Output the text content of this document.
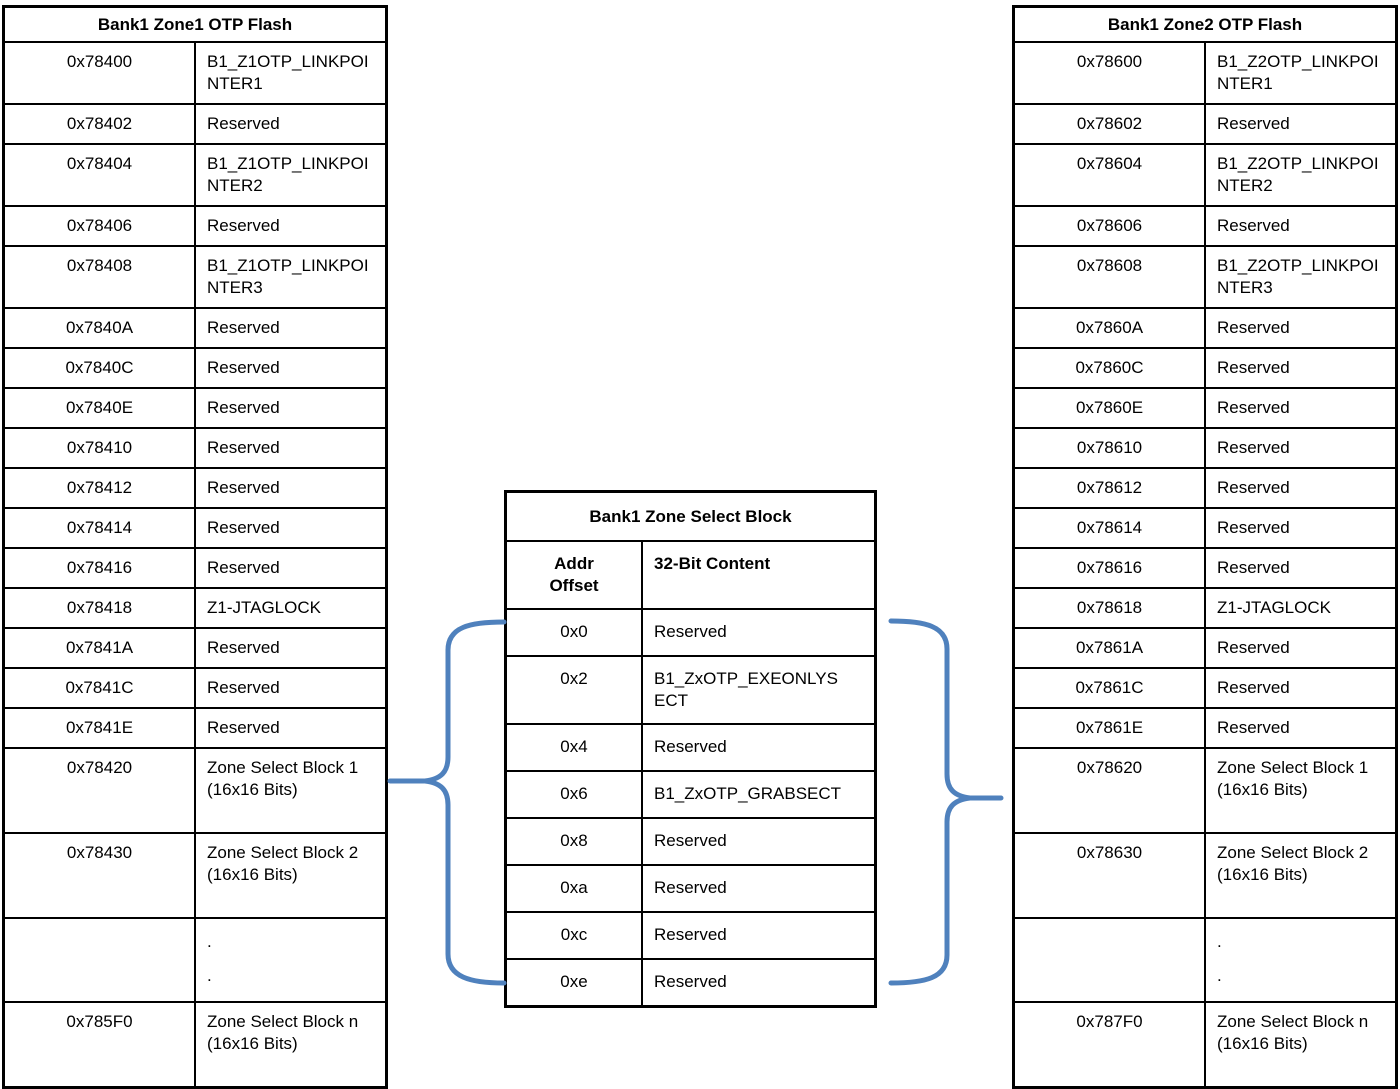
Bank1 Zone1 OTP Flash
0x78400	B1_Z1OTP_LINKPOI
NTER1
0x78402	Reserved
0x78404	B1_Z1OTP_LINKPOI
NTER2
0x78406	Reserved
0x78408	B1_Z1OTP_LINKPOI
NTER3
0x7840A	Reserved
0x7840C	Reserved
0x7840E	Reserved
0x78410	Reserved
0x78412	Reserved
0x78414	Reserved
0x78416	Reserved
0x78418	Z1-JTAGLOCK
0x7841A	Reserved
0x7841C	Reserved
0x7841E	Reserved
0x78420	Zone Select Block 1
(16x16 Bits)
0x78430	Zone Select Block 2
(16x16 Bits)
.
.
0x785F0	Zone Select Block n
(16x16 Bits)
Bank1 Zone Select Block
Addr
Offset
32-Bit Content
0x0	Reserved
0x2	B1_ZxOTP_EXEONLYS
ECT
0x4	Reserved
0x6	B1_ZxOTP_GRABSECT
0x8	Reserved
0xa	Reserved
0xc	Reserved
0xe	Reserved
Bank1 Zone2 OTP Flash
0x78600	B1_Z2OTP_LINKPOI
NTER1
0x78602	Reserved
0x78604	B1_Z2OTP_LINKPOI
NTER2
0x78606	Reserved
0x78608	B1_Z2OTP_LINKPOI
NTER3
0x7860A	Reserved
0x7860C	Reserved
0x7860E	Reserved
0x78610	Reserved
0x78612	Reserved
0x78614	Reserved
0x78616	Reserved
0x78618	Z1-JTAGLOCK
0x7861A	Reserved
0x7861C	Reserved
0x7861E	Reserved
0x78620	Zone Select Block 1
(16x16 Bits)
0x78630	Zone Select Block 2
(16x16 Bits)
.
.
0x787F0	Zone Select Block n
(16x16 Bits)
